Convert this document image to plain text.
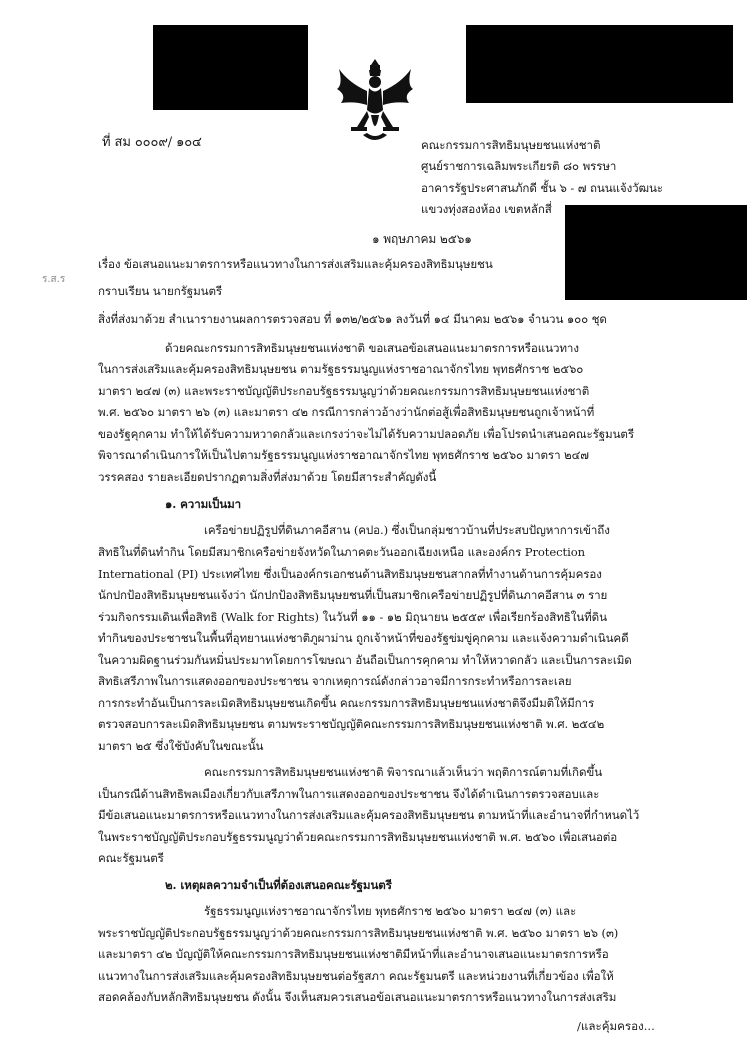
ที่ สม ๐๐๐๙/ ๑๐๔	คณะกรรมการสิทธิมนุษยชนแห่งชาติ
ศูนย์ราชการเฉลิมพระเกียรติ ๘๐ พรรษา
อาคารรัฐประศาสนภักดี ชั้น ๖ - ๗ ถนนแจ้งวัฒนะ
แขวงทุ่งสองห้อง เขตหลักสี่
๑ พฤษภาคม ๒๕๖๑
เรื่อง ข้อเสนอแนะมาตรการหรือแนวทางในการส่งเสริมและคุ้มครองสิทธิมนุษยชน
ร.ส.ร
กราบเรียน นายกรัฐมนตรี
สิ่งที่ส่งมาด้วย สำเนารายงานผลการตรวจสอบ ที่ ๑๓๒/๒๕๖๑ ลงวันที่ ๑๔ มีนาคม ๒๕๖๑ จำนวน ๑๐๐ ชุด
ด้วยคณะกรรมการสิทธิมนุษยชนแห่งชาติ ขอเสนอข้อเสนอแนะมาตรการหรือแนวทาง
ในการส่งเสริมและคุ้มครองสิทธิมนุษยชน ตามรัฐธรรมนูญแห่งราชอาณาจักรไทย พุทธศักราช ๒๕๖๐
มาตรา ๒๔๗ (๓) และพระราชบัญญัติประกอบรัฐธรรมนูญว่าด้วยคณะกรรมการสิทธิมนุษยชนแห่งชาติ
พ.ศ. ๒๕๖๐ มาตรา ๒๖ (๓) และมาตรา ๔๒ กรณีการกล่าวอ้างว่านักต่อสู้เพื่อสิทธิมนุษยชนถูกเจ้าหน้าที่
ของรัฐคุกคาม ทำให้ได้รับความหวาดกลัวและเกรงว่าจะไม่ได้รับความปลอดภัย เพื่อโปรดนำเสนอคณะรัฐมนตรี
พิจารณาดำเนินการให้เป็นไปตามรัฐธรรมนูญแห่งราชอาณาจักรไทย พุทธศักราช ๒๕๖๐ มาตรา ๒๔๗
วรรคสอง รายละเอียดปรากฏตามสิ่งที่ส่งมาด้วย โดยมีสาระสำคัญดังนี้
๑. ความเป็นมา
เครือข่ายปฏิรูปที่ดินภาคอีสาน (คปอ.) ซึ่งเป็นกลุ่มชาวบ้านที่ประสบปัญหาการเข้าถึง
สิทธิในที่ดินทำกิน โดยมีสมาชิกเครือข่ายจังหวัดในภาคตะวันออกเฉียงเหนือ และองค์กร Protection
International (PI) ประเทศไทย ซึ่งเป็นองค์กรเอกชนด้านสิทธิมนุษยชนสากลที่ทำงานด้านการคุ้มครอง
นักปกป้องสิทธิมนุษยชนแจ้งว่า นักปกป้องสิทธิมนุษยชนที่เป็นสมาชิกเครือข่ายปฏิรูปที่ดินภาคอีสาน ๓ ราย
ร่วมกิจกรรมเดินเพื่อสิทธิ (Walk for Rights) ในวันที่ ๑๑ - ๑๒ มิถุนายน ๒๕๕๙ เพื่อเรียกร้องสิทธิในที่ดิน
ทำกินของประชาชนในพื้นที่อุทยานแห่งชาติภูผาม่าน ถูกเจ้าหน้าที่ของรัฐข่มขู่คุกคาม และแจ้งความดำเนินคดี
ในความผิดฐานร่วมกันหมิ่นประมาทโดยการโฆษณา อันถือเป็นการคุกคาม ทำให้หวาดกลัว และเป็นการละเมิด
สิทธิเสรีภาพในการแสดงออกของประชาชน จากเหตุการณ์ดังกล่าวอาจมีการกระทำหรือการละเลย
การกระทำอันเป็นการละเมิดสิทธิมนุษยชนเกิดขึ้น คณะกรรมการสิทธิมนุษยชนแห่งชาติจึงมีมติให้มีการ
ตรวจสอบการละเมิดสิทธิมนุษยชน ตามพระราชบัญญัติคณะกรรมการสิทธิมนุษยชนแห่งชาติ พ.ศ. ๒๕๔๒
มาตรา ๒๕ ซึ่งใช้บังคับในขณะนั้น
คณะกรรมการสิทธิมนุษยชนแห่งชาติ พิจารณาแล้วเห็นว่า พฤติการณ์ตามที่เกิดขึ้น
เป็นกรณีด้านสิทธิพลเมืองเกี่ยวกับเสรีภาพในการแสดงออกของประชาชน จึงได้ดำเนินการตรวจสอบและ
มีข้อเสนอแนะมาตรการหรือแนวทางในการส่งเสริมและคุ้มครองสิทธิมนุษยชน ตามหน้าที่และอำนาจที่กำหนดไว้
ในพระราชบัญญัติประกอบรัฐธรรมนูญว่าด้วยคณะกรรมการสิทธิมนุษยชนแห่งชาติ พ.ศ. ๒๕๖๐ เพื่อเสนอต่อ
คณะรัฐมนตรี
๒. เหตุผลความจำเป็นที่ต้องเสนอคณะรัฐมนตรี
รัฐธรรมนูญแห่งราชอาณาจักรไทย พุทธศักราช ๒๕๖๐ มาตรา ๒๔๗ (๓) และ
พระราชบัญญัติประกอบรัฐธรรมนูญว่าด้วยคณะกรรมการสิทธิมนุษยชนแห่งชาติ พ.ศ. ๒๕๖๐ มาตรา ๒๖ (๓)
และมาตรา ๔๒ บัญญัติให้คณะกรรมการสิทธิมนุษยชนแห่งชาติมีหน้าที่และอำนาจเสนอแนะมาตรการหรือ
แนวทางในการส่งเสริมและคุ้มครองสิทธิมนุษยชนต่อรัฐสภา คณะรัฐมนตรี และหน่วยงานที่เกี่ยวข้อง เพื่อให้
สอดคล้องกับหลักสิทธิมนุษยชน ดังนั้น จึงเห็นสมควรเสนอข้อเสนอแนะมาตรการหรือแนวทางในการส่งเสริม
/และคุ้มครอง...
